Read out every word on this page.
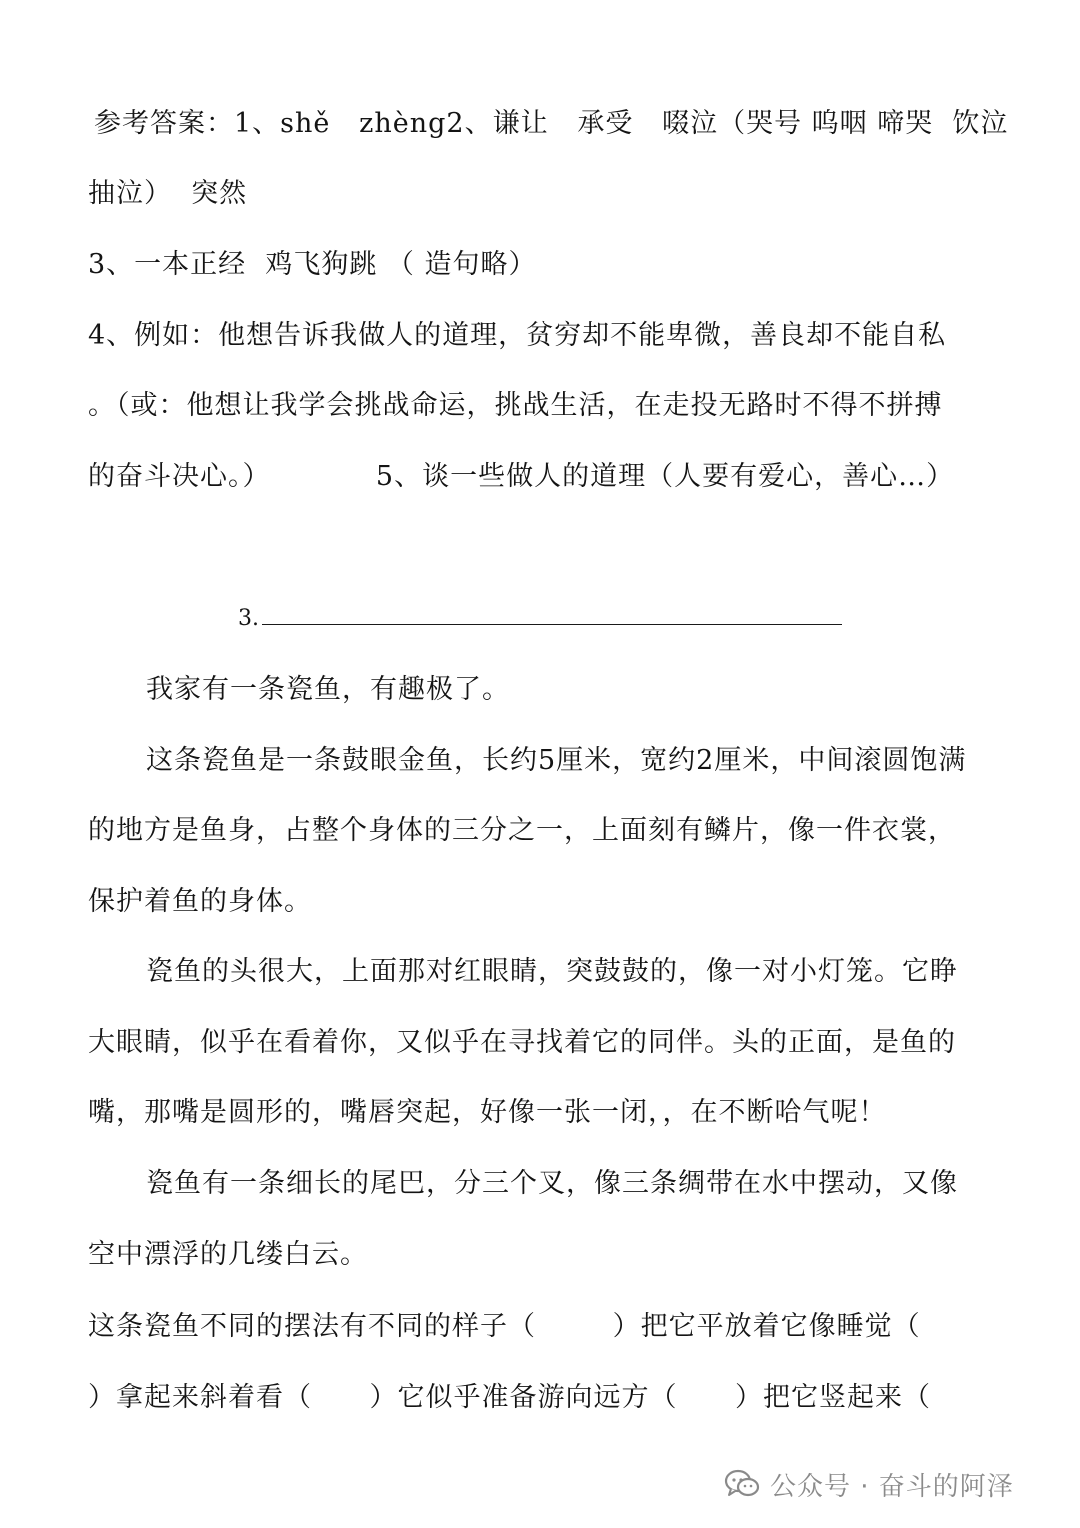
参考答案：1、shě   zhèng2、谦让   承受   啜泣（哭号 呜咽 啼哭  饮泣
抽泣）  突然
3、一本正经  鸡飞狗跳 （ 造句略）
4、例如：他想告诉我做人的道理，贫穷却不能卑微，善良却不能自私
。（或：他想让我学会挑战命运，挑战生活，在走投无路时不得不拼搏
的奋斗决心。）           5、谈一些做人的道理（人要有爱心，善心…）
3.
我家有一条瓷鱼，有趣极了。
这条瓷鱼是一条鼓眼金鱼，长约5厘米，宽约2厘米，中间滚圆饱满
的地方是鱼身，占整个身体的三分之一，上面刻有鳞片，像一件衣裳，
保护着鱼的身体。
瓷鱼的头很大，上面那对红眼睛，突鼓鼓的，像一对小灯笼。它睁
大眼睛，似乎在看着你，又似乎在寻找着它的同伴。头的正面，是鱼的
嘴，那嘴是圆形的，嘴唇突起，好像一张一闭，，在不断哈气呢！
瓷鱼有一条细长的尾巴，分三个叉，像三条绸带在水中摆动，又像
空中漂浮的几缕白云。
这条瓷鱼不同的摆法有不同的样子（        ）把它平放着它像睡觉（
）拿起来斜着看（      ）它似乎准备游向远方（      ）把它竖起来（
公众号 · 奋斗的阿泽
